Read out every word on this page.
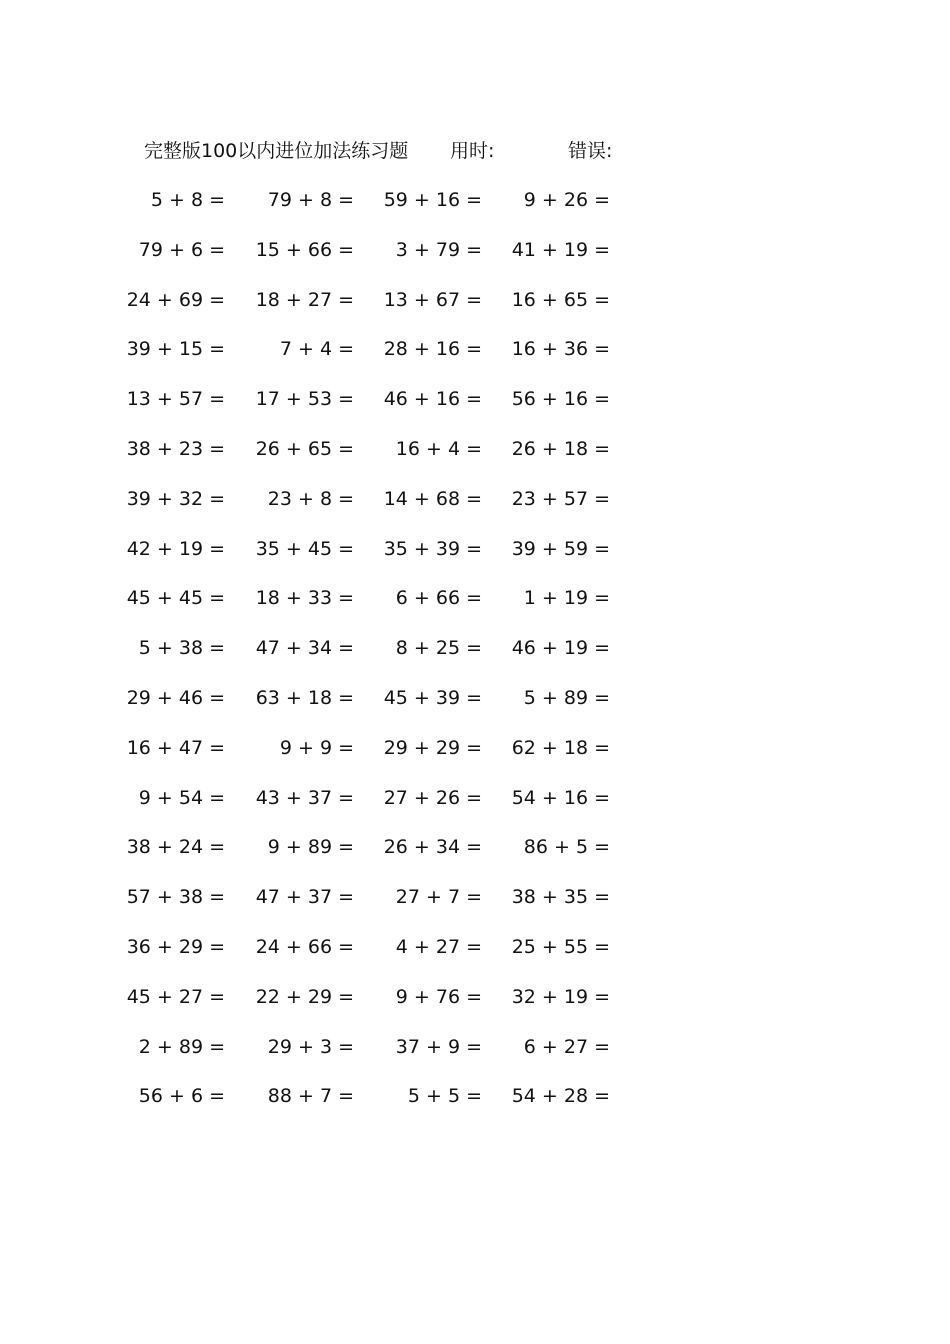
完整版100以内进位加法练习题 用时:	错误:
5 + 8 = 79 + 8 = 59 + 16 = 9 + 26 =
79 + 6 = 15 + 66 = 3 + 79 = 41 + 19 =
24 + 69 = 18 + 27 = 13 + 67 = 16 + 65 =
39 + 15 =	7 + 4 = 28 + 16 = 16 + 36 =
13 + 57 = 17 + 53 = 46 + 16 = 56 + 16 =
38 + 23 = 26 + 65 = 16 + 4 = 26 + 18 =
39 + 32 = 23 + 8 = 14 + 68 = 23 + 57 =
42 + 19 = 35 + 45 = 35 + 39 = 39 + 59 =
45 + 45 = 18 + 33 = 6 + 66 = 1 + 19 =
5 + 38 = 47 + 34 = 8 + 25 = 46 + 19 =
29 + 46 = 63 + 18 = 45 + 39 = 5 + 89 =
16 + 47 =	9 + 9 = 29 + 29 = 62 + 18 =
9 + 54 = 43 + 37 = 27 + 26 = 54 + 16 =
38 + 24 = 9 + 89 = 26 + 34 = 86 + 5 =
57 + 38 = 47 + 37 = 27 + 7 = 38 + 35 =
36 + 29 = 24 + 66 = 4 + 27 = 25 + 55 =
45 + 27 = 22 + 29 = 9 + 76 = 32 + 19 =
2 + 89 = 29 + 3 = 37 + 9 = 6 + 27 =
56 + 6 = 88 + 7 =	5 + 5 = 54 + 28 =
